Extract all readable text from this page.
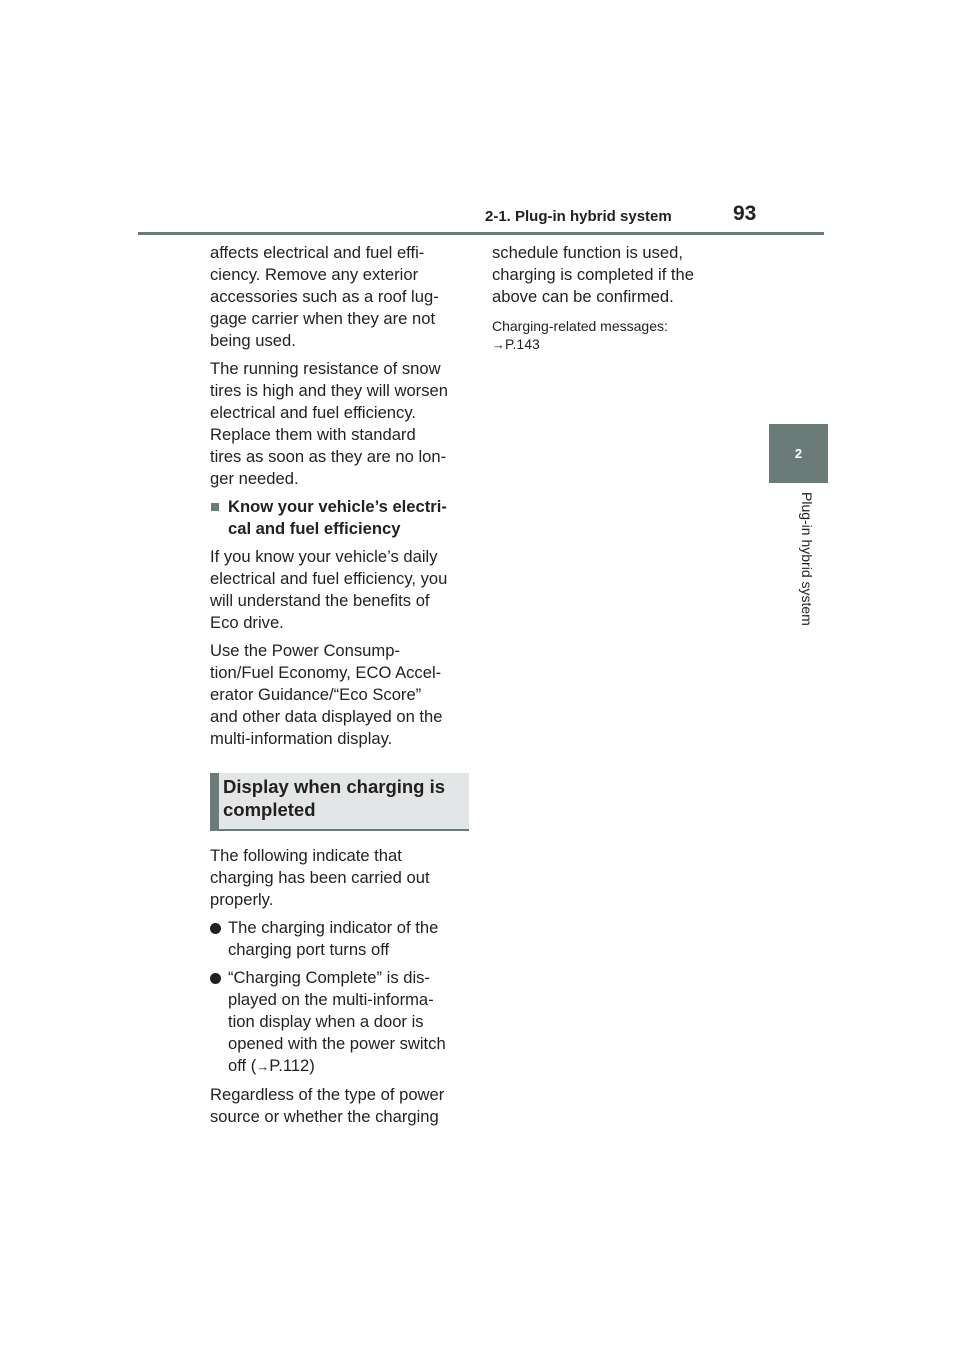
2-1. Plug-in hybrid system	93
2
Plug-in hybrid system
affects electrical and fuel effi-
ciency. Remove any exterior
accessories such as a roof lug-
gage carrier when they are not
being used.
The running resistance of snow
tires is high and they will worsen
electrical and fuel efficiency.
Replace them with standard
tires as soon as they are no lon-
ger needed.
■ Know your vehicle’s electri-
cal and fuel efficiency
If you know your vehicle’s daily
electrical and fuel efficiency, you
will understand the benefits of
Eco drive.
Use the Power Consump-
tion/Fuel Economy, ECO Accel-
erator Guidance/“Eco Score”
and other data displayed on the
multi-information display.
Display when charging is
completed
The following indicate that
charging has been carried out
properly.
The charging indicator of the
charging port turns off
“Charging Complete” is dis-
played on the multi-informa-
tion display when a door is
opened with the power switch
off (→P.112)
Regardless of the type of power
source or whether the charging
schedule function is used,
charging is completed if the
above can be confirmed.
Charging-related messages:
→P.143
